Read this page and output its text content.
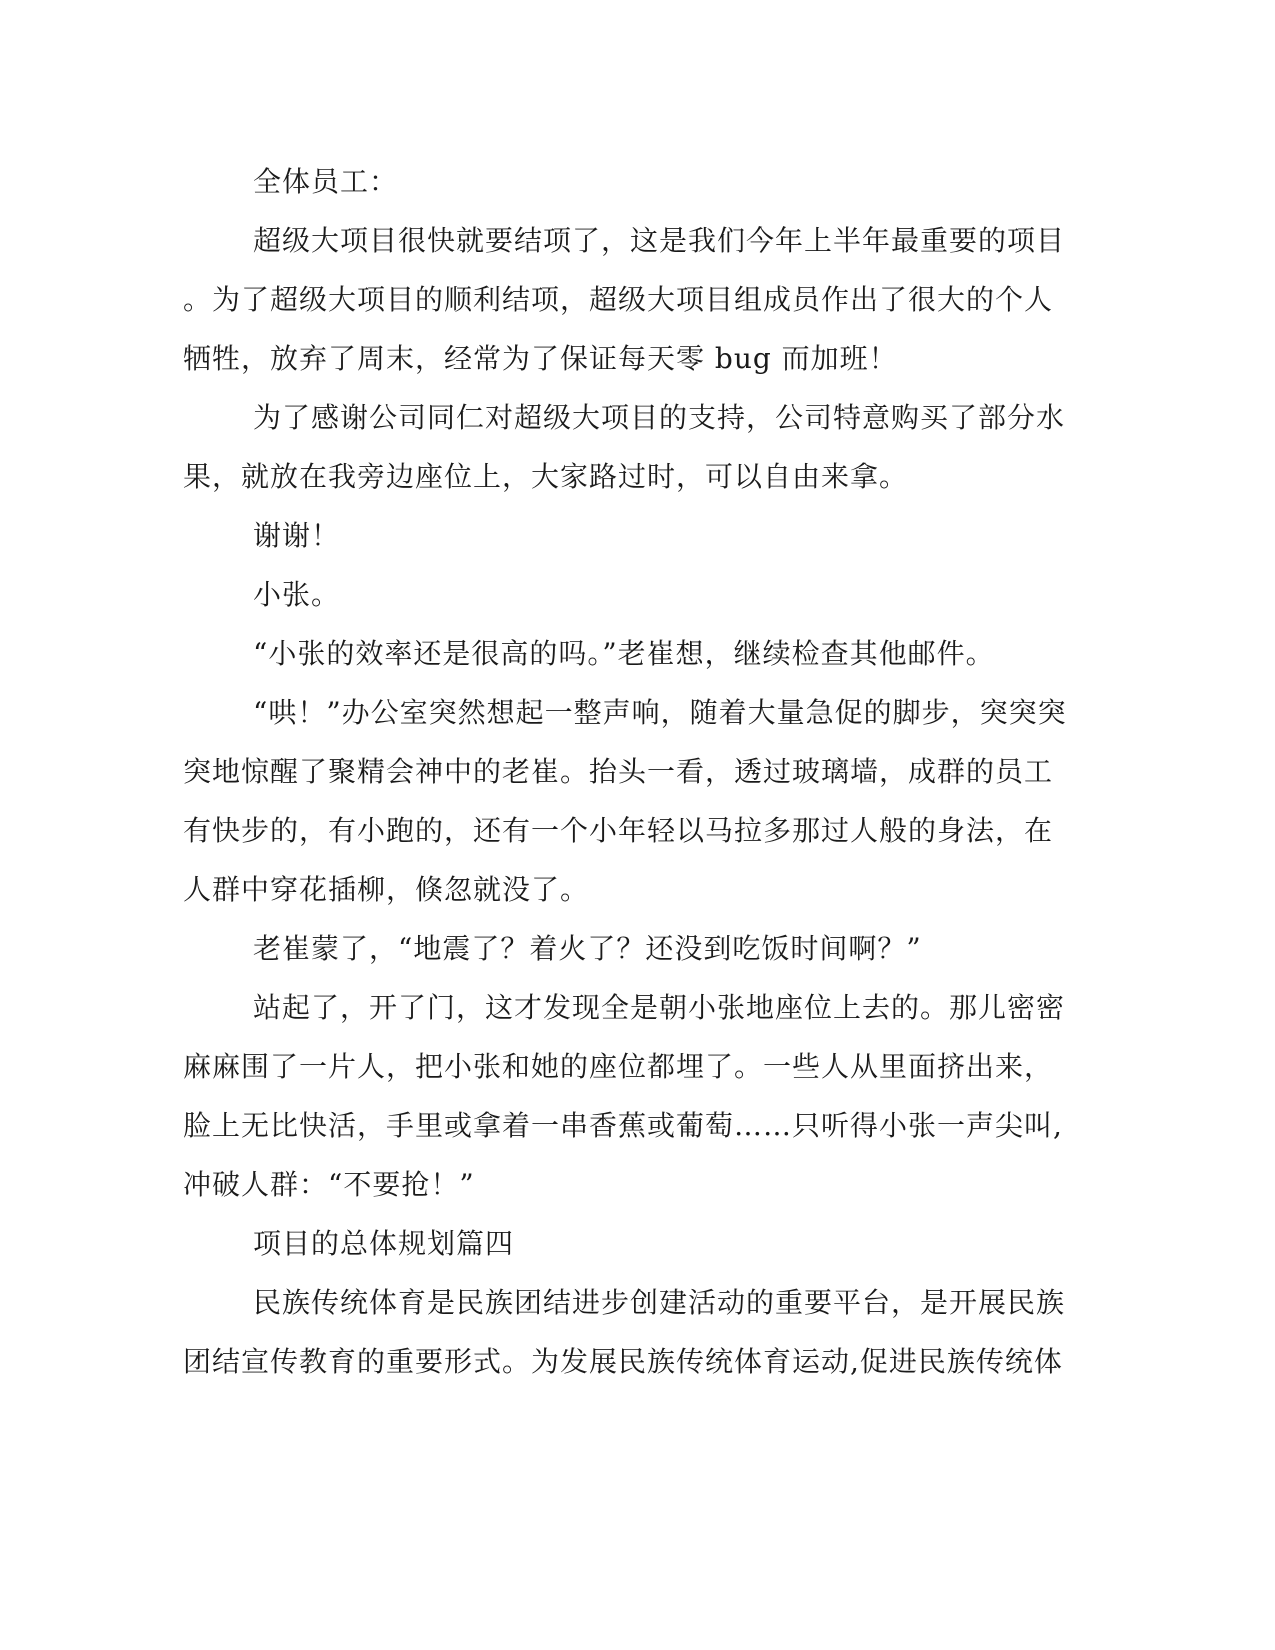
全体员工：
超级大项目很快就要结项了，这是我们今年上半年最重要的项目
。为了超级大项目的顺利结项，超级大项目组成员作出了很大的个人
牺牲，放弃了周末，经常为了保证每天零 bug 而加班！
为了感谢公司同仁对超级大项目的支持，公司特意购买了部分水
果，就放在我旁边座位上，大家路过时，可以自由来拿。
谢谢！
小张。
“小张的效率还是很高的吗。”老崔想，继续检查其他邮件。
“哄！”办公室突然想起一整声响，随着大量急促的脚步，突突突
突地惊醒了聚精会神中的老崔。抬头一看，透过玻璃墙，成群的员工
有快步的，有小跑的，还有一个小年轻以马拉多那过人般的身法，在
人群中穿花插柳，倏忽就没了。
老崔蒙了，“地震了？着火了？还没到吃饭时间啊？”
站起了，开了门，这才发现全是朝小张地座位上去的。那儿密密
麻麻围了一片人，把小张和她的座位都埋了。一些人从里面挤出来，
脸上无比快活，手里或拿着一串香蕉或葡萄……只听得小张一声尖叫,
冲破人群：“不要抢！”
项目的总体规划篇四
民族传统体育是民族团结进步创建活动的重要平台，是开展民族
团结宣传教育的重要形式。为发展民族传统体育运动,促进民族传统体
